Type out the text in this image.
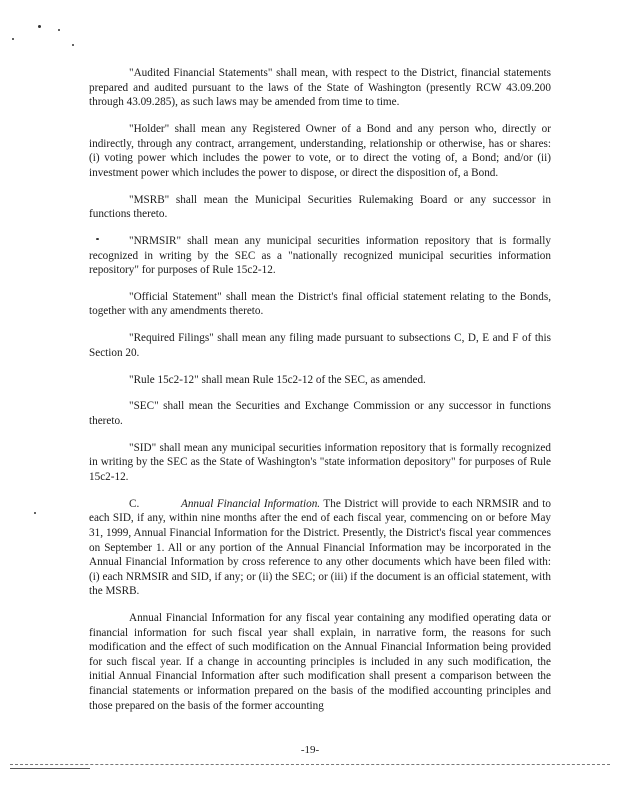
"Audited Financial Statements" shall mean, with respect to the District, financial statements prepared and audited pursuant to the laws of the State of Washington (presently RCW 43.09.200 through 43.09.285), as such laws may be amended from time to time.

"Holder" shall mean any Registered Owner of a Bond and any person who, directly or indirectly, through any contract, arrangement, understanding, relationship or otherwise, has or shares: (i) voting power which includes the power to vote, or to direct the voting of, a Bond; and/or (ii) investment power which includes the power to dispose, or direct the disposition of, a Bond.

"MSRB" shall mean the Municipal Securities Rulemaking Board or any successor in functions thereto.

"NRMSIR" shall mean any municipal securities information repository that is formally recognized in writing by the SEC as a "nationally recognized municipal securities information repository" for purposes of Rule 15c2-12.

"Official Statement" shall mean the District's final official statement relating to the Bonds, together with any amendments thereto.

"Required Filings" shall mean any filing made pursuant to subsections C, D, E and F of this Section 20.

"Rule 15c2-12" shall mean Rule 15c2-12 of the SEC, as amended.

"SEC" shall mean the Securities and Exchange Commission or any successor in functions thereto.

"SID" shall mean any municipal securities information repository that is formally recognized in writing by the SEC as the State of Washington's "state information depository" for purposes of Rule 15c2-12.

C.	Annual Financial Information. The District will provide to each NRMSIR and to each SID, if any, within nine months after the end of each fiscal year, commencing on or before May 31, 1999, Annual Financial Information for the District. Presently, the District's fiscal year commences on September 1. All or any portion of the Annual Financial Information may be incorporated in the Annual Financial Information by cross reference to any other documents which have been filed with: (i) each NRMSIR and SID, if any; or (ii) the SEC; or (iii) if the document is an official statement, with the MSRB.

Annual Financial Information for any fiscal year containing any modified operating data or financial information for such fiscal year shall explain, in narrative form, the reasons for such modification and the effect of such modification on the Annual Financial Information being provided for such fiscal year. If a change in accounting principles is included in any such modification, the initial Annual Financial Information after such modification shall present a comparison between the financial statements or information prepared on the basis of the modified accounting principles and those prepared on the basis of the former accounting

-19-
